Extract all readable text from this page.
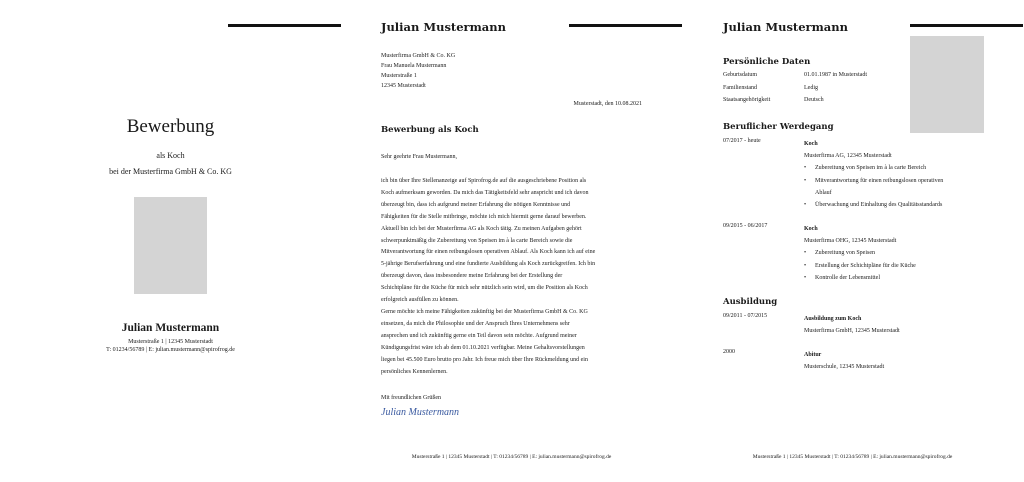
Bewerbung
als Koch
bei der Musterfirma GmbH & Co. KG
Julian Mustermann
Musterstraße 1 | 12345 Musterstadt
T: 01234/56789 | E: julian.mustermann@spirofrog.de
Julian Mustermann
Musterfirma GmbH & Co. KG
Frau Manuela Mustermann
Musterstraße 1
12345 Musterstadt
Musterstadt, den 10.08.2021
Bewerbung als Koch
Sehr geehrte Frau Mustermann,
ich bin über Ihre Stellenanzeige auf Spirofrog.de auf die ausgeschriebene Position als
Koch aufmerksam geworden. Da mich das Tätigkeitsfeld sehr anspricht und ich davon
überzeugt bin, dass ich aufgrund meiner Erfahrung die nötigen Kenntnisse und
Fähigkeiten für die Stelle mitbringe, möchte ich mich hiermit gerne darauf bewerben.
Aktuell bin ich bei der Musterfirma AG als Koch tätig. Zu meinen Aufgaben gehört
schwerpunktmäßig die Zubereitung von Speisen im à la carte Bereich sowie die
Mitverantwortung für einen reibungslosen operativen Ablauf. Als Koch kann ich auf eine
5-jährige Berufserfahrung und eine fundierte Ausbildung als Koch zurückgreifen. Ich bin
überzeugt davon, dass insbesondere meine Erfahrung bei der Erstellung der
Schichtpläne für die Küche für mich sehr nützlich sein wird, um die Position als Koch
erfolgreich ausfüllen zu können.
Gerne möchte ich meine Fähigkeiten zukünftig bei der Musterfirma GmbH & Co. KG
einsetzen, da mich die Philosophie und der Anspruch Ihres Unternehmens sehr
ansprechen und ich zukünftig gerne ein Teil davon sein möchte. Aufgrund meiner
Kündigungsfrist wäre ich ab dem 01.10.2021 verfügbar. Meine Gehaltsvorstellungen
liegen bei 45.500 Euro brutto pro Jahr. Ich freue mich über Ihre Rückmeldung und ein
persönliches Kennenlernen.
Mit freundlichen Grüßen
Julian Mustermann
Musterstraße 1 | 12345 Musterstadt | T: 01234/56789 | E: julian.mustermann@spirofrog.de
Julian Mustermann
Persönliche Daten
Geburtsdatum	01.01.1987 in Musterstadt
Familienstand	Ledig
Staatsangehörigkeit	Deutsch
Beruflicher Werdegang
07/2017 - heute	Koch
Musterfirma AG, 12345 Musterstadt
• Zubereitung von Speisen im à la carte Bereich
• Mitverantwortung für einen reibungslosen operativen
Ablauf
• Überwachung und Einhaltung des Qualitätsstandards
09/2015 - 06/2017	Koch
Musterfirma OHG, 12345 Musterstadt
• Zubereitung von Speisen
• Erstellung der Schichtpläne für die Küche
• Kontrolle der Lebensmittel
Ausbildung
09/2011 - 07/2015	Ausbildung zum Koch
Musterfirma GmbH, 12345 Musterstadt
2000	Abitur
Musterschule, 12345 Musterstadt
Musterstraße 1 | 12345 Musterstadt | T: 01234/56789 | E: julian.mustermann@spirofrog.de
